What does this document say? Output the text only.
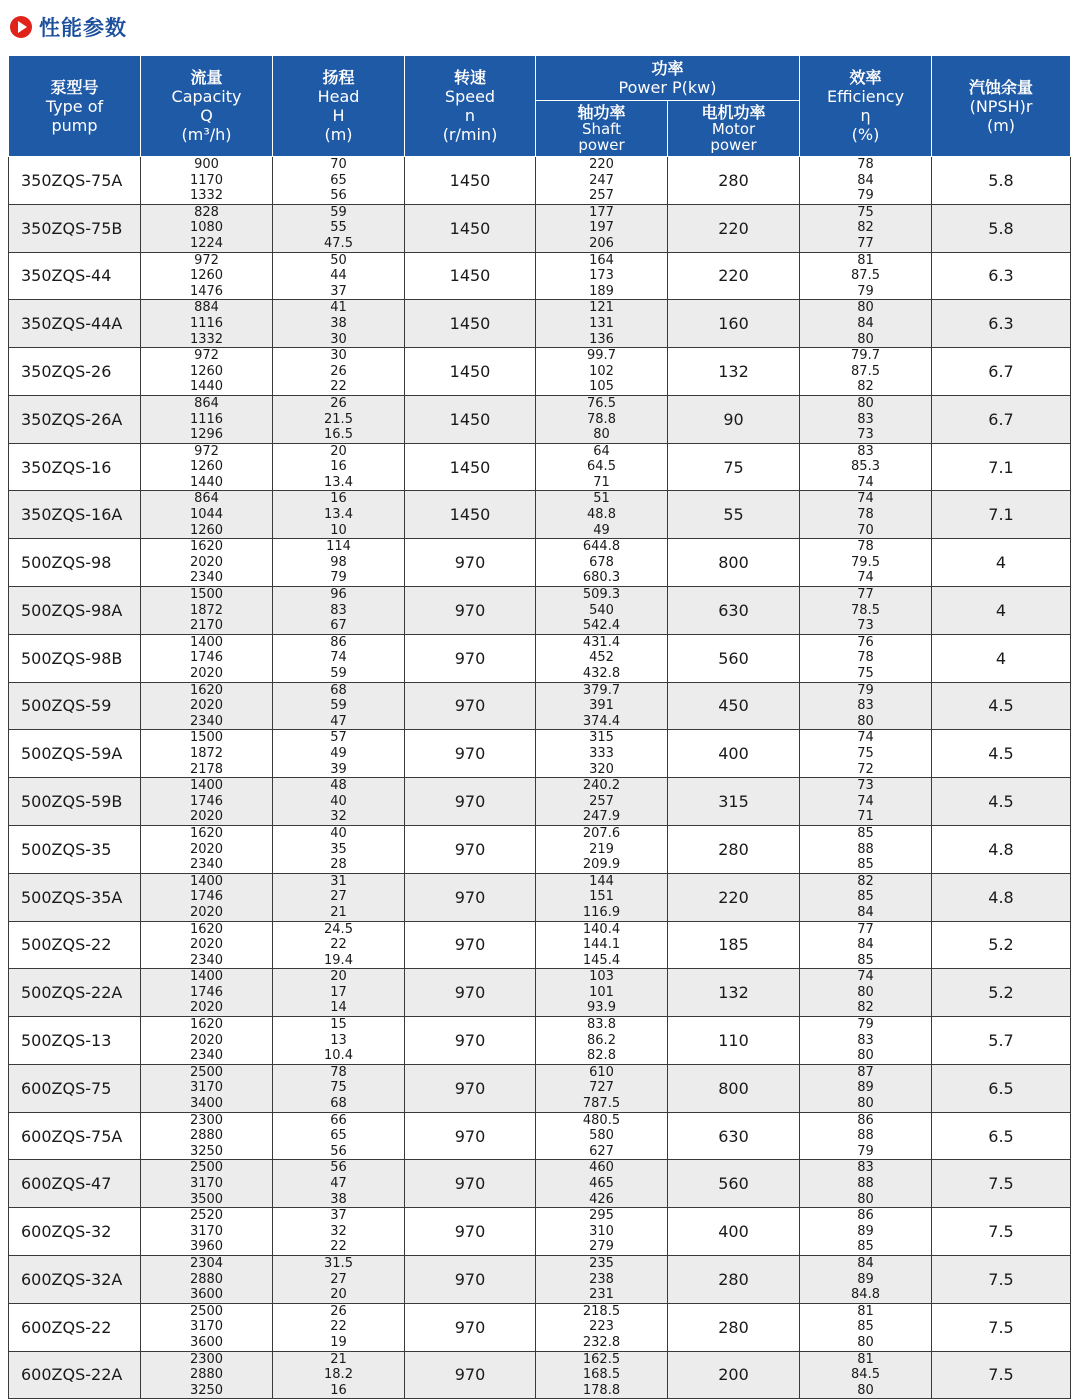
性能参数
泵型号
Type of
pump	流量
Capacity
Q
(m³/h)	扬程
Head
H
(m)	转速
Speed
n
(r/min)	功率
Power P(kw)		效率
Efficiency
η
(%)	汽蚀余量
(NPSH)r
(m)

				轴功率
Shaft
power	电机功率
Motor
power		

350ZQS-75A	900
1170
1332	70
65
56	1450	220
247
257	280	78
84
79	5.8
350ZQS-75B	828
1080
1224	59
55
47.5	1450	177
197
206	220	75
82
77	5.8
350ZQS-44	972
1260
1476	50
44
37	1450	164
173
189	220	81
87.5
79	6.3
350ZQS-44A	884
1116
1332	41
38
30	1450	121
131
136	160	80
84
80	6.3
350ZQS-26	972
1260
1440	30
26
22	1450	99.7
102
105	132	79.7
87.5
82	6.7
350ZQS-26A	864
1116
1296	26
21.5
16.5	1450	76.5
78.8
80	90	80
83
73	6.7
350ZQS-16	972
1260
1440	20
16
13.4	1450	64
64.5
71	75	83
85.3
74	7.1
350ZQS-16A	864
1044
1260	16
13.4
10	1450	51
48.8
49	55	74
78
70	7.1
500ZQS-98	1620
2020
2340	114
98
79	970	644.8
678
680.3	800	78
79.5
74	4
500ZQS-98A	1500
1872
2170	96
83
67	970	509.3
540
542.4	630	77
78.5
73	4
500ZQS-98B	1400
1746
2020	86
74
59	970	431.4
452
432.8	560	76
78
75	4
500ZQS-59	1620
2020
2340	68
59
47	970	379.7
391
374.4	450	79
83
80	4.5
500ZQS-59A	1500
1872
2178	57
49
39	970	315
333
320	400	74
75
72	4.5
500ZQS-59B	1400
1746
2020	48
40
32	970	240.2
257
247.9	315	73
74
71	4.5
500ZQS-35	1620
2020
2340	40
35
28	970	207.6
219
209.9	280	85
88
85	4.8
500ZQS-35A	1400
1746
2020	31
27
21	970	144
151
116.9	220	82
85
84	4.8
500ZQS-22	1620
2020
2340	24.5
22
19.4	970	140.4
144.1
145.4	185	77
84
85	5.2
500ZQS-22A	1400
1746
2020	20
17
14	970	103
101
93.9	132	74
80
82	5.2
500ZQS-13	1620
2020
2340	15
13
10.4	970	83.8
86.2
82.8	110	79
83
80	5.7
600ZQS-75	2500
3170
3400	78
75
68	970	610
727
787.5	800	87
89
80	6.5
600ZQS-75A	2300
2880
3250	66
65
56	970	480.5
580
627	630	86
88
79	6.5
600ZQS-47	2500
3170
3500	56
47
38	970	460
465
426	560	83
88
80	7.5
600ZQS-32	2520
3170
3960	37
32
22	970	295
310
279	400	86
89
85	7.5
600ZQS-32A	2304
2880
3600	31.5
27
20	970	235
238
231	280	84
89
84.8	7.5
600ZQS-22	2500
3170
3600	26
22
19	970	218.5
223
232.8	280	81
85
80	7.5
600ZQS-22A	2300
2880
3250	21
18.2
16	970	162.5
168.5
178.8	200	81
84.5
80	7.5
